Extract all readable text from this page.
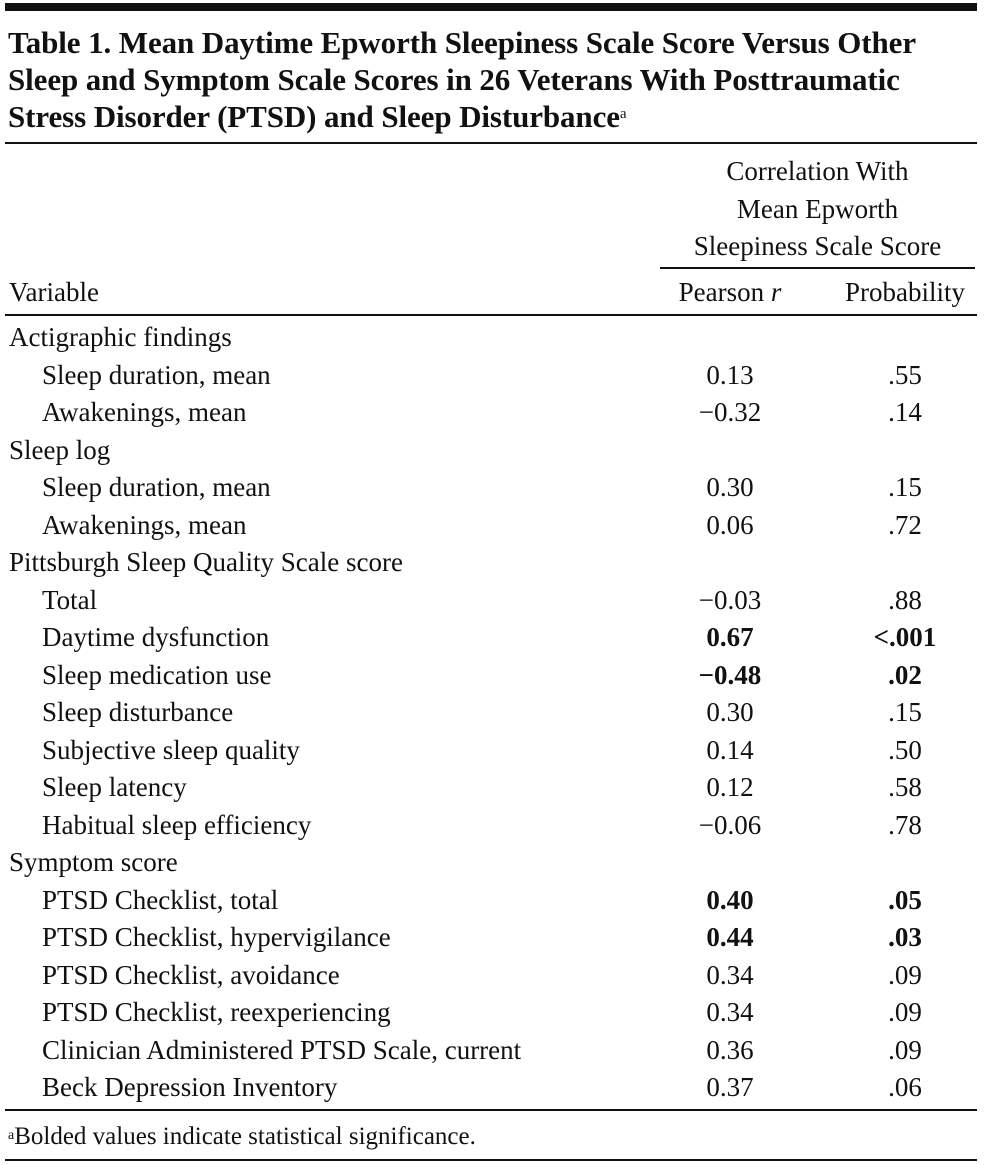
Table 1. Mean Daytime Epworth Sleepiness Scale Score Versus Other Sleep and Symptom Scale Scores in 26 Veterans With Posttraumatic Stress Disorder (PTSD) and Sleep Disturbance$^a$
Correlation With
Mean Epworth
Sleepiness Scale Score
Variable	Pearson r	Probability
Actigraphic findings
Sleep duration, mean	0.13	.55
Awakenings, mean	−0.32	.14
Sleep log
Sleep duration, mean	0.30	.15
Awakenings, mean	0.06	.72
Pittsburgh Sleep Quality Scale score
Total	−0.03	.88
Daytime dysfunction	0.67	<.001
Sleep medication use	−0.48	.02
Sleep disturbance	0.30	.15
Subjective sleep quality	0.14	.50
Sleep latency	0.12	.58
Habitual sleep efficiency	−0.06	.78
Symptom score
PTSD Checklist, total	0.40	.05
PTSD Checklist, hypervigilance	0.44	.03
PTSD Checklist, avoidance	0.34	.09
PTSD Checklist, reexperiencing	0.34	.09
Clinician Administered PTSD Scale, current	0.36	.09
Beck Depression Inventory	0.37	.06
$^a$Bolded values indicate statistical significance.
